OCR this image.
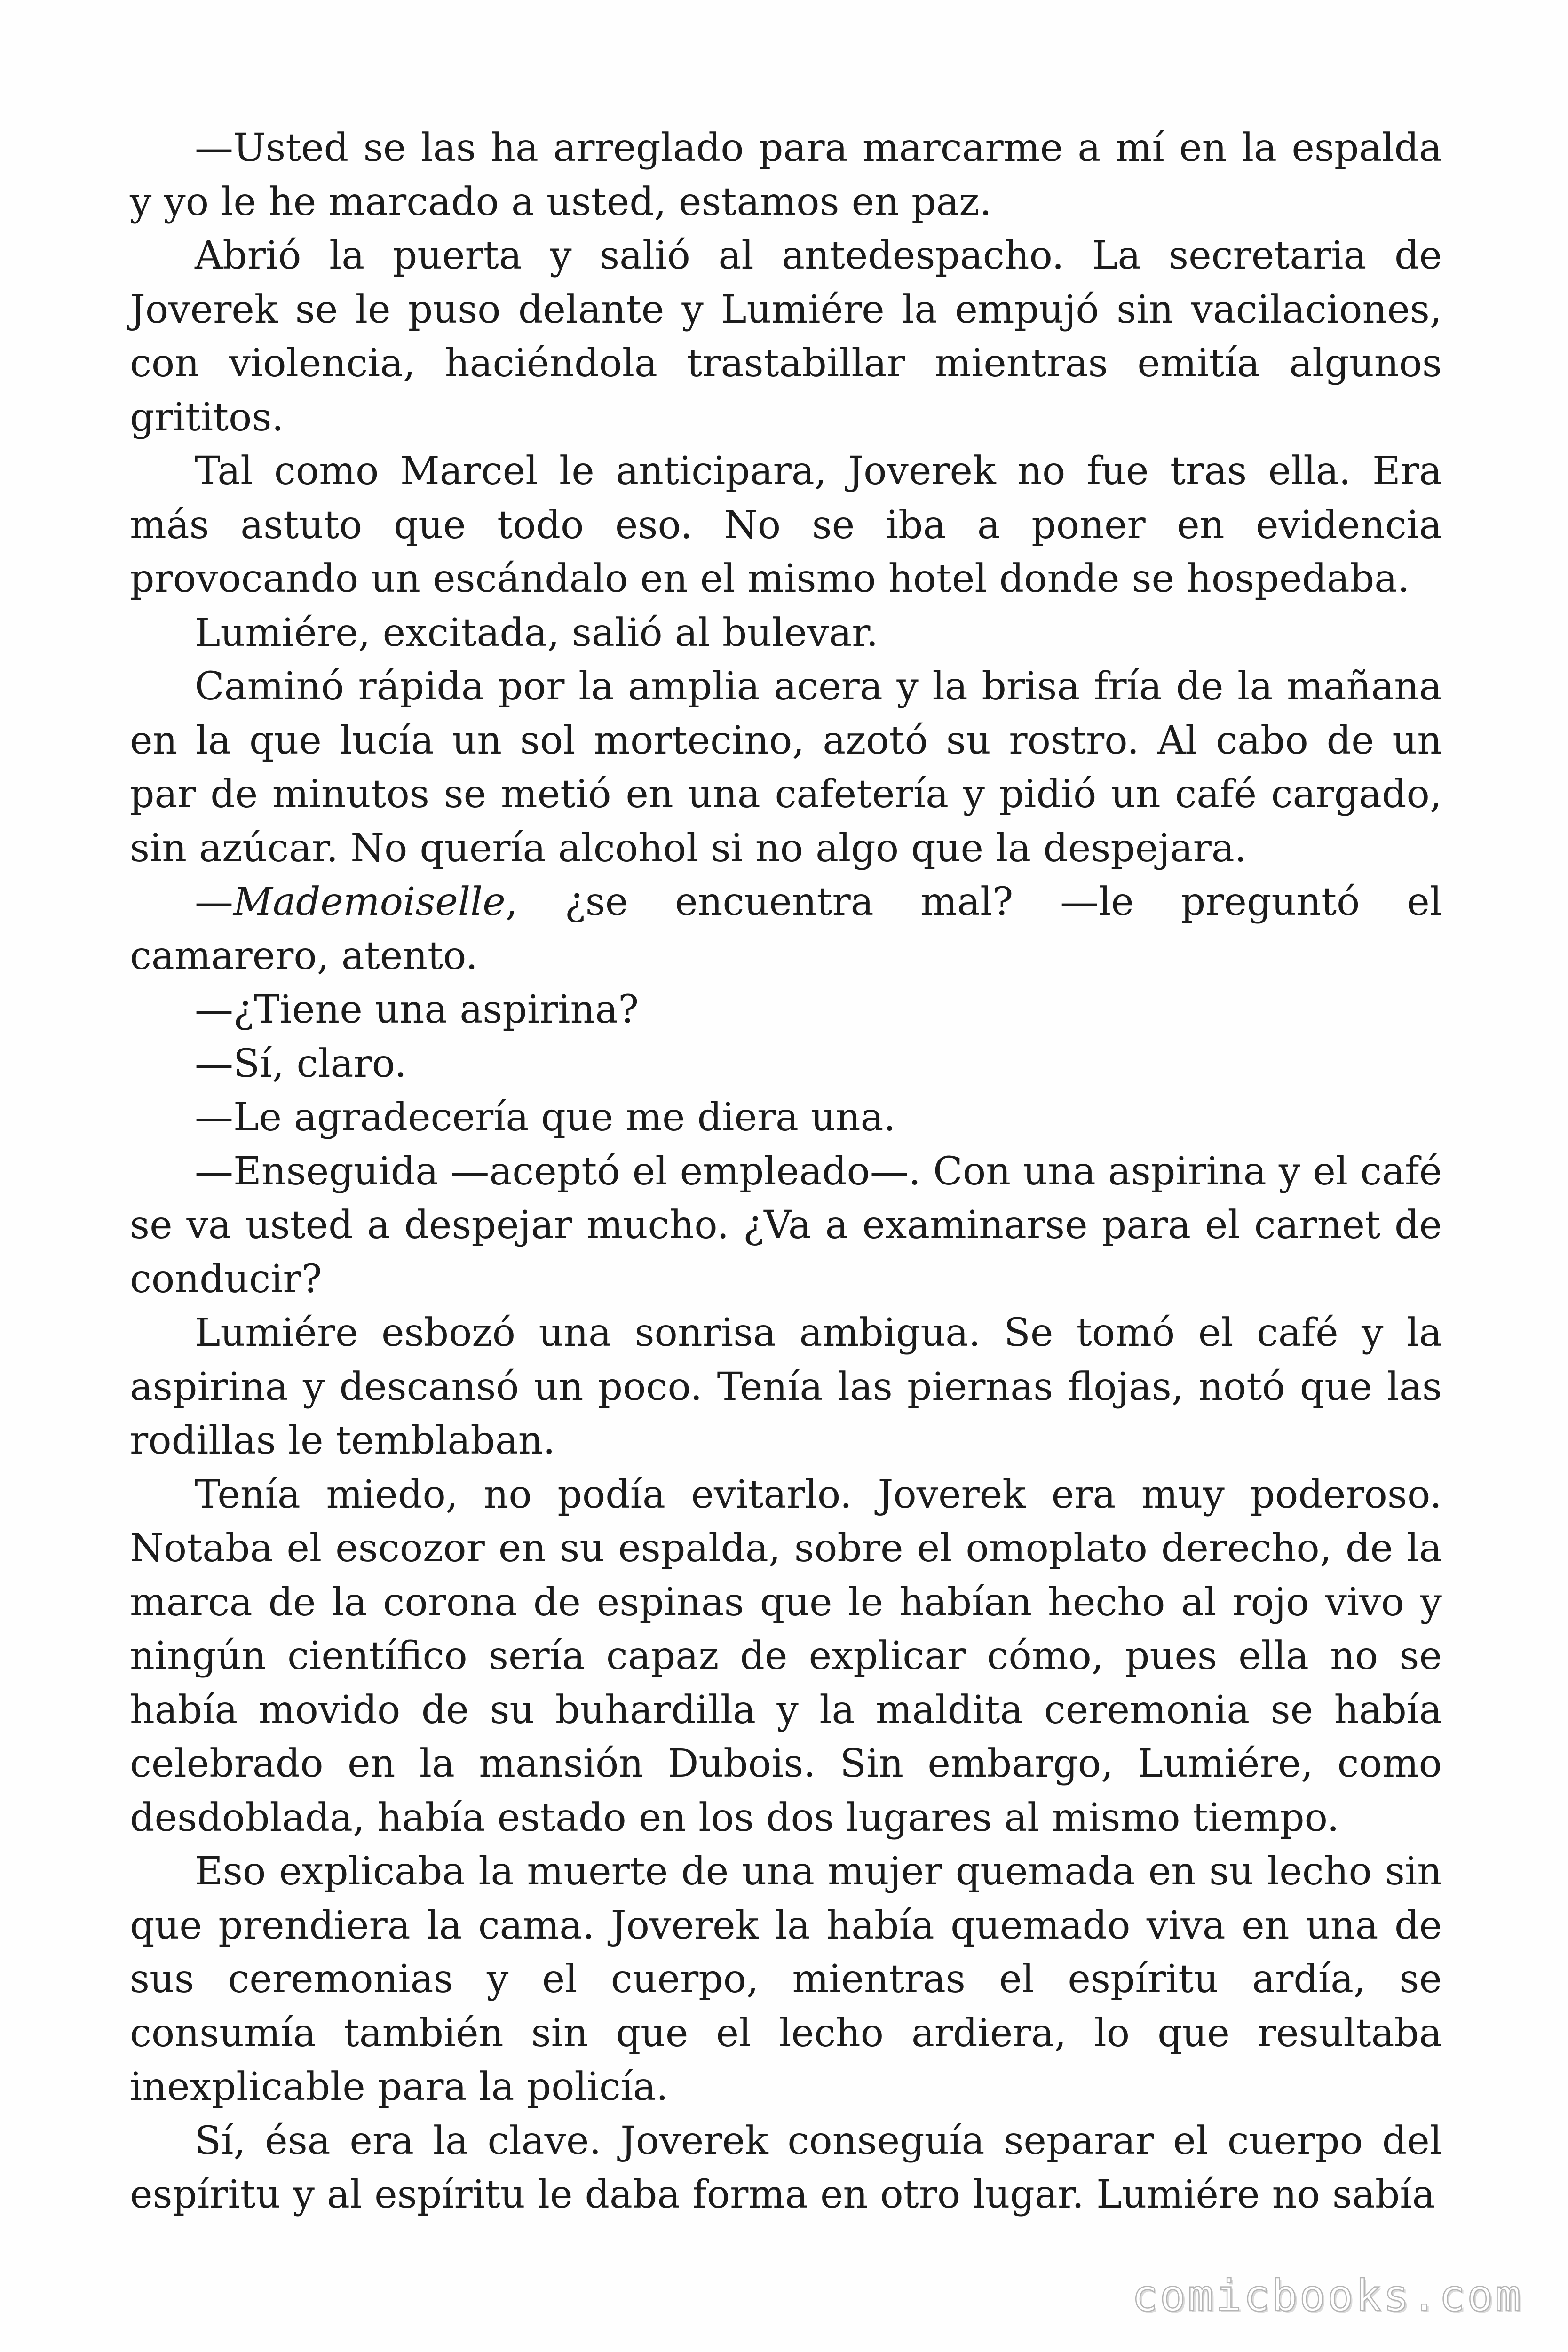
—Usted se las ha arreglado para marcarme a mí en la espalda y yo le he marcado a usted, estamos en paz.

Abrió la puerta y salió al antedespacho. La secretaria de Joverek se le puso delante y Lumiére la empujó sin vacilaciones, con violencia, haciéndola trastabillar mientras emitía algunos grititos.

Tal como Marcel le anticipara, Joverek no fue tras ella. Era más astuto que todo eso. No se iba a poner en evidencia provocando un escándalo en el mismo hotel donde se hospedaba.

Lumiére, excitada, salió al bulevar.

Caminó rápida por la amplia acera y la brisa fría de la mañana en la que lucía un sol mortecino, azotó su rostro. Al cabo de un par de minutos se metió en una cafetería y pidió un café cargado, sin azúcar. No quería alcohol si no algo que la despejara.

—Mademoiselle, ¿se encuentra mal? —le preguntó el camarero, atento.

—¿Tiene una aspirina?

—Sí, claro.

—Le agradecería que me diera una.

—Enseguida —aceptó el empleado—. Con una aspirina y el café se va usted a despejar mucho. ¿Va a examinarse para el carnet de conducir?

Lumiére esbozó una sonrisa ambigua. Se tomó el café y la aspirina y descansó un poco. Tenía las piernas flojas, notó que las rodillas le temblaban.

Tenía miedo, no podía evitarlo. Joverek era muy poderoso. Notaba el escozor en su espalda, sobre el omoplato derecho, de la marca de la corona de espinas que le habían hecho al rojo vivo y ningún científico sería capaz de explicar cómo, pues ella no se había movido de su buhardilla y la maldita ceremonia se había celebrado en la mansión Dubois. Sin embargo, Lumiére, como desdoblada, había estado en los dos lugares al mismo tiempo.

Eso explicaba la muerte de una mujer quemada en su lecho sin que prendiera la cama. Joverek la había quemado viva en una de sus ceremonias y el cuerpo, mientras el espíritu ardía, se consumía también sin que el lecho ardiera, lo que resultaba inexplicable para la policía.

Sí, ésa era la clave. Joverek conseguía separar el cuerpo del espíritu y al espíritu le daba forma en otro lugar. Lumiére no sabía

comicbooks.com
